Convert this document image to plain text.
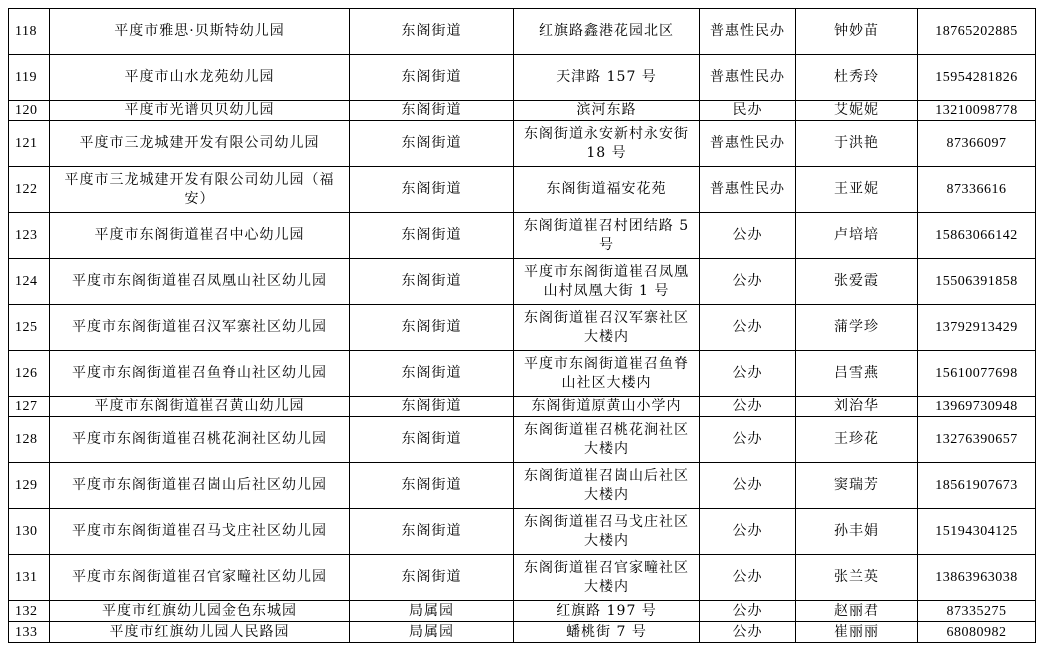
118	平度市雅思·贝斯特幼儿园	东阁街道	红旗路鑫港花园北区	普惠性民办	钟妙苗	18765202885
119	平度市山水龙苑幼儿园	东阁街道	天津路 157 号	普惠性民办	杜秀玲	15954281826
120	平度市光谱贝贝幼儿园	东阁街道	滨河东路	民办	艾妮妮	13210098778
121	平度市三龙城建开发有限公司幼儿园	东阁街道	东阁街道永安新村永安街 18 号	普惠性民办	于洪艳	87366097
122	平度市三龙城建开发有限公司幼儿园（福安）	东阁街道	东阁街道福安花苑	普惠性民办	王亚妮	87336616
123	平度市东阁街道崔召中心幼儿园	东阁街道	东阁街道崔召村团结路 5 号	公办	卢培培	15863066142
124	平度市东阁街道崔召凤凰山社区幼儿园	东阁街道	平度市东阁街道崔召凤凰山村凤凰大街 1 号	公办	张爱霞	15506391858
125	平度市东阁街道崔召汉军寨社区幼儿园	东阁街道	东阁街道崔召汉军寨社区大楼内	公办	蒲学珍	13792913429
126	平度市东阁街道崔召鱼脊山社区幼儿园	东阁街道	平度市东阁街道崔召鱼脊山社区大楼内	公办	吕雪燕	15610077698
127	平度市东阁街道崔召黄山幼儿园	东阁街道	东阁街道原黄山小学内	公办	刘治华	13969730948
128	平度市东阁街道崔召桃花涧社区幼儿园	东阁街道	东阁街道崔召桃花涧社区大楼内	公办	王珍花	13276390657
129	平度市东阁街道崔召崮山后社区幼儿园	东阁街道	东阁街道崔召崮山后社区大楼内	公办	窦瑞芳	18561907673
130	平度市东阁街道崔召马戈庄社区幼儿园	东阁街道	东阁街道崔召马戈庄社区大楼内	公办	孙丰娟	15194304125
131	平度市东阁街道崔召官家疃社区幼儿园	东阁街道	东阁街道崔召官家疃社区大楼内	公办	张兰英	13863963038
132	平度市红旗幼儿园金色东城园	局属园	红旗路 197 号	公办	赵丽君	87335275
133	平度市红旗幼儿园人民路园	局属园	蟠桃街 7 号	公办	崔丽丽	68080982
